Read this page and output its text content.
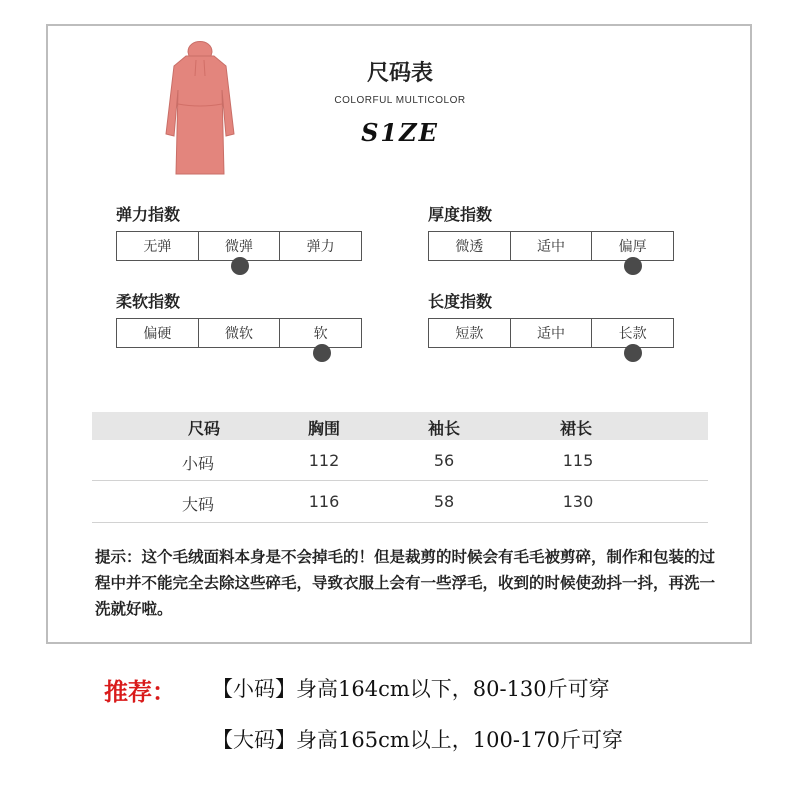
尺码表
COLORFUL MULTICOLOR
S1ZE
弹力指数
无弹	微弹	弹力
厚度指数
微透	适中	偏厚
柔软指数
偏硬	微软	软
长度指数
短款	适中	长款
尺码	胸围	袖长	裙长
小码	112	56	115
大码	116	58	130
提示：这个毛绒面料本身是不会掉毛的！但是裁剪的时候会有毛毛被剪碎，制作和包装的过程中并不能完全去除这些碎毛，导致衣服上会有一些浮毛，收到的时候使劲抖一抖，再洗一洗就好啦。
推荐： 【小码】身高164cm以下，80-130斤可穿
【大码】身高165cm以上，100-170斤可穿
